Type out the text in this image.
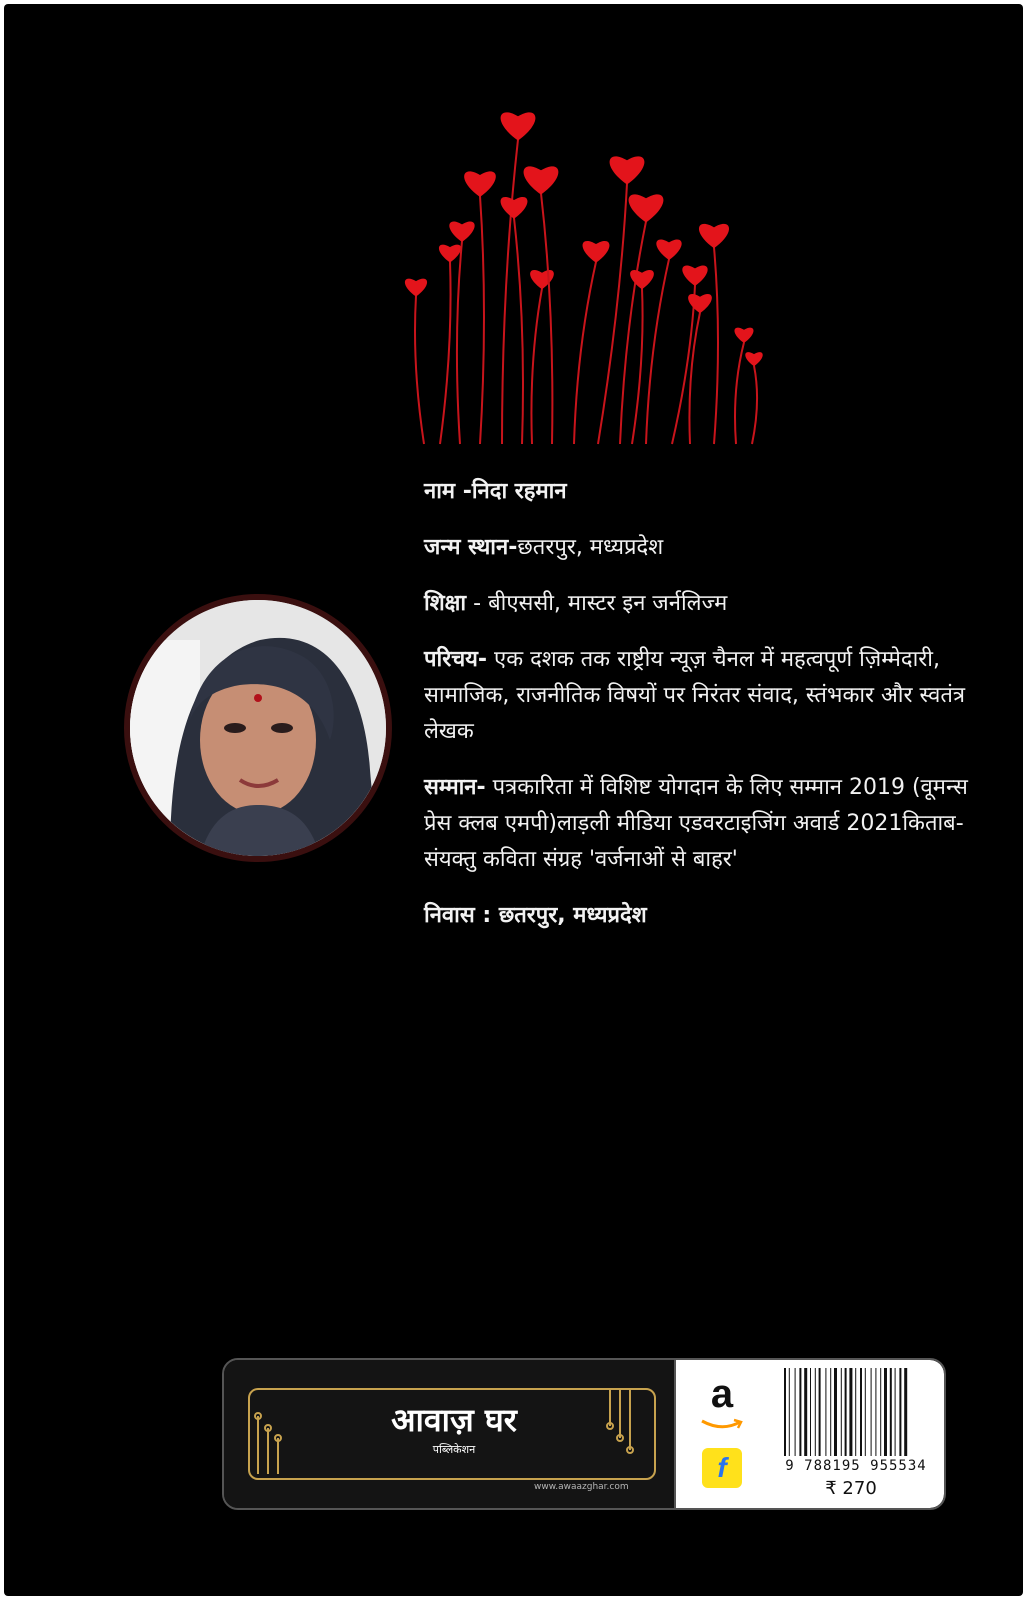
नाम -निदा रहमान

जन्म स्थान-छतरपुर, मध्यप्रदेश

शिक्षा - बीएससी, मास्टर इन जर्नलिज्म

परिचय- एक दशक तक राष्ट्रीय न्यूज़ चैनल में महत्वपूर्ण ज़िम्मेदारी, सामाजिक, राजनीतिक विषयों पर निरंतर संवाद, स्तंभकार और स्वतंत्र लेखक

सम्मान- पत्रकारिता में विशिष्ट योगदान के लिए सम्मान 2019 (वूमन्स प्रेस क्लब एमपी)लाड़ली मीडिया एडवरटाइजिंग अवार्ड 2021किताब- संयक्तु कविता संग्रह 'वर्जनाओं से बाहर'

निवास : छतरपुर, मध्यप्रदेश

आवाज़ घर
पब्लिकेशन
www.awaazghar.com
a
f	9 788195 955534
₹ 270
